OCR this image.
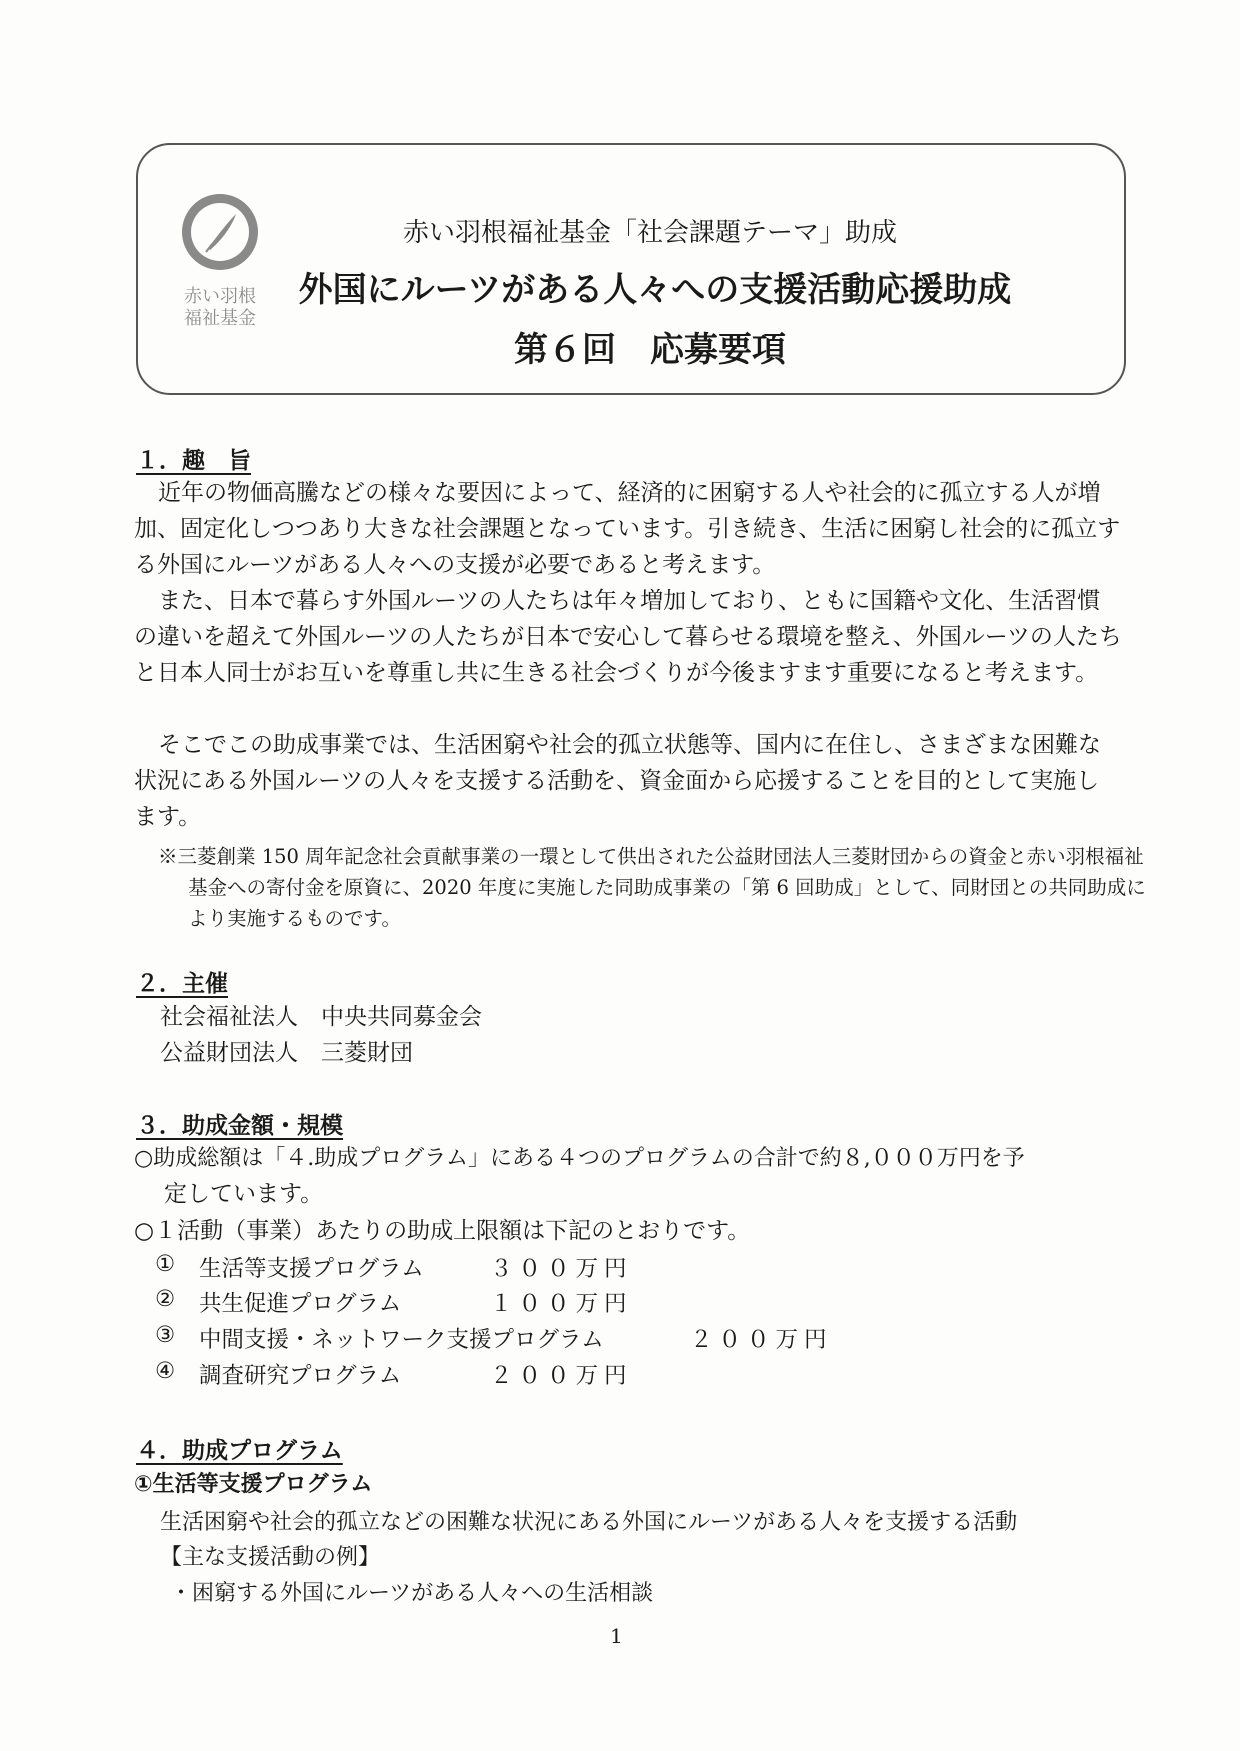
赤い羽根
福祉基金
赤い羽根福祉基金「社会課題テーマ」助成
外国にルーツがある人々への支援活動応援助成
第６回　応募要項
１．趣　旨
近年の物価高騰などの様々な要因によって、経済的に困窮する人や社会的に孤立する人が増加、固定化しつつあり大きな社会課題となっています。引き続き、生活に困窮し社会的に孤立する外国にルーツがある人々への支援が必要であると考えます。
また、日本で暮らす外国ルーツの人たちは年々増加しており、ともに国籍や文化、生活習慣の違いを超えて外国ルーツの人たちが日本で安心して暮らせる環境を整え、外国ルーツの人たちと日本人同士がお互いを尊重し共に生きる社会づくりが今後ますます重要になると考えます。
そこでこの助成事業では、生活困窮や社会的孤立状態等、国内に在住し、さまざまな困難な状況にある外国ルーツの人々を支援する活動を、資金面から応援することを目的として実施します。
※三菱創業 150 周年記念社会貢献事業の一環として供出された公益財団法人三菱財団からの資金と赤い羽根福祉基金への寄付金を原資に、2020 年度に実施した同助成事業の「第 6 回助成」として、同財団との共同助成により実施するものです。
２．主催
社会福祉法人　中央共同募金会
公益財団法人　三菱財団
３．助成金額・規模
○助成総額は「４.助成プログラム」にある４つのプログラムの合計で約８,０００万円を予
定しています。
○１活動（事業）あたりの助成上限額は下記のとおりです。
① 生活等支援プログラム	３００万円
② 共生促進プログラム	１００万円
③ 中間支援・ネットワーク支援プログラム	２００万円
④ 調査研究プログラム	２００万円
４．助成プログラム
①生活等支援プログラム
生活困窮や社会的孤立などの困難な状況にある外国にルーツがある人々を支援する活動
【主な支援活動の例】
・困窮する外国にルーツがある人々への生活相談
1
